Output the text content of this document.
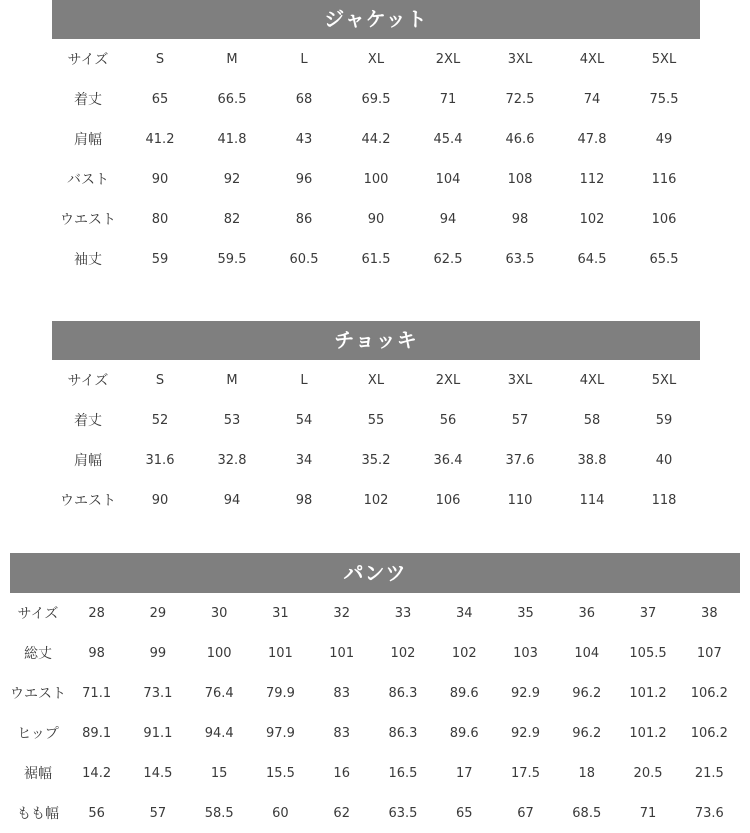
ジャケット
サイズ	S	M	L	XL	2XL	3XL	4XL	5XL
着丈	65	66.5	68	69.5	71	72.5	74	75.5
肩幅	41.2	41.8	43	44.2	45.4	46.6	47.8	49
バスト	90	92	96	100	104	108	112	116
ウエスト	80	82	86	90	94	98	102	106
袖丈	59	59.5	60.5	61.5	62.5	63.5	64.5	65.5
チョッキ
サイズ	S	M	L	XL	2XL	3XL	4XL	5XL
着丈	52	53	54	55	56	57	58	59
肩幅	31.6	32.8	34	35.2	36.4	37.6	38.8	40
ウエスト	90	94	98	102	106	110	114	118
パンツ
サイズ	28	29	30	31	32	33	34	35	36	37	38
総丈	98	99	100	101	101	102	102	103	104	105.5	107
ウエスト	71.1	73.1	76.4	79.9	83	86.3	89.6	92.9	96.2	101.2	106.2
ヒップ	89.1	91.1	94.4	97.9	83	86.3	89.6	92.9	96.2	101.2	106.2
裾幅	14.2	14.5	15	15.5	16	16.5	17	17.5	18	20.5	21.5
もも幅	56	57	58.5	60	62	63.5	65	67	68.5	71	73.6
